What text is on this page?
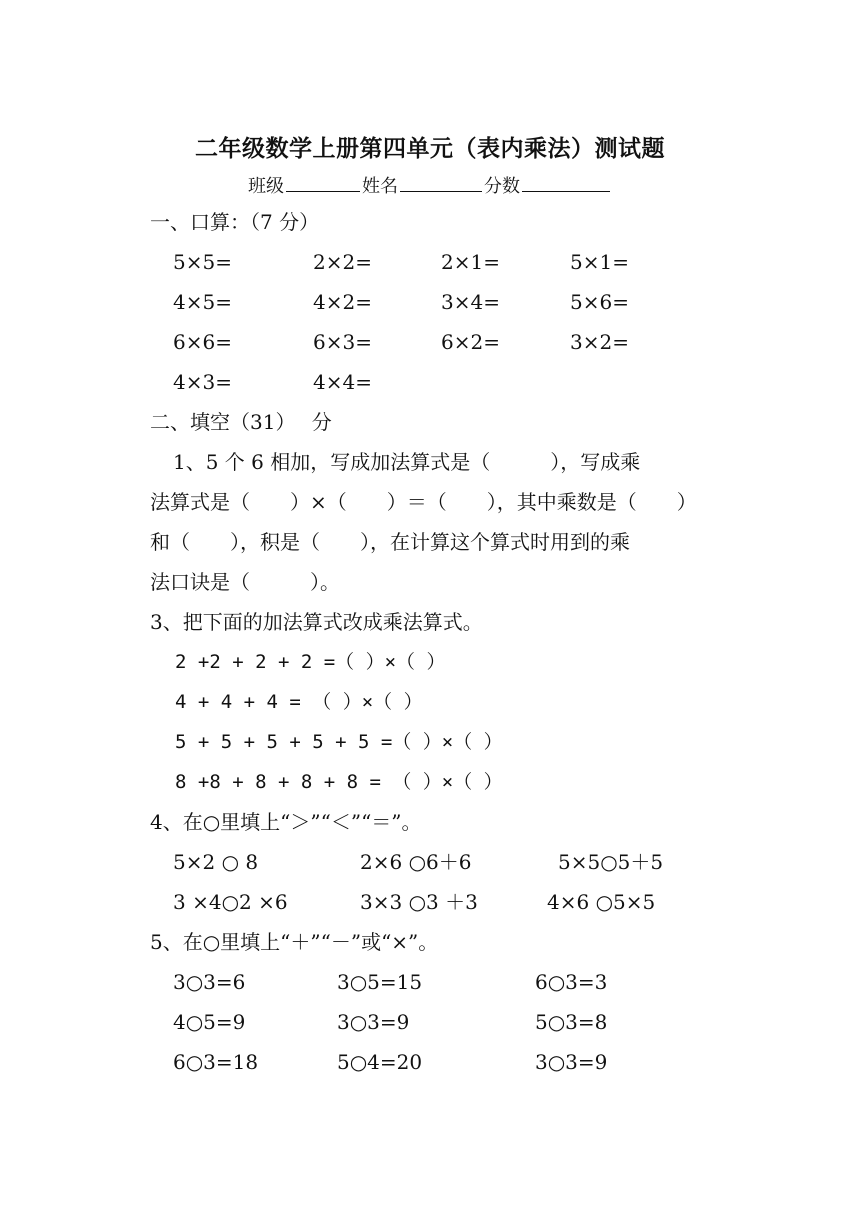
二年级数学上册第四单元（表内乘法）测试题
班级	姓名	分数
一、口算：（7 分）
5×5=	2×2=	2×1=	5×1=
4×5=	4×2=	3×4=	5×6=
6×6=	6×3=	6×2=	3×2=
4×3=	4×4=
二、填空（31）　 分
1、5 个 6 相加，写成加法算式是（　　　），写成乘
法算式是（　　）×（　　）＝（　　），其中乘数是（　　）
和（　　），积是（　　），在计算这个算式时用到的乘
法口诀是（　　　）。
3、把下面的加法算式改成乘法算式。
2 +2 + 2 + 2 =（ ）×（ ）
4 + 4 + 4 = （ ）×（ ）
5 + 5 + 5 + 5 + 5 =（ ）×（ ）
8 +8 + 8 + 8 + 8 = （ ）×（ ）
4、在○里填上“＞”“＜”“＝”。
5×2 ○ 8	2×6 ○6＋6	5×5○5＋5
3 ×4○2 ×6	3×3 ○3 ＋3	4×6 ○5×5
5、在○里填上“＋”“－”或“×”。
3○3=6	3○5=15	6○3=3
4○5=9	3○3=9	5○3=8
6○3=18	5○4=20	3○3=9
